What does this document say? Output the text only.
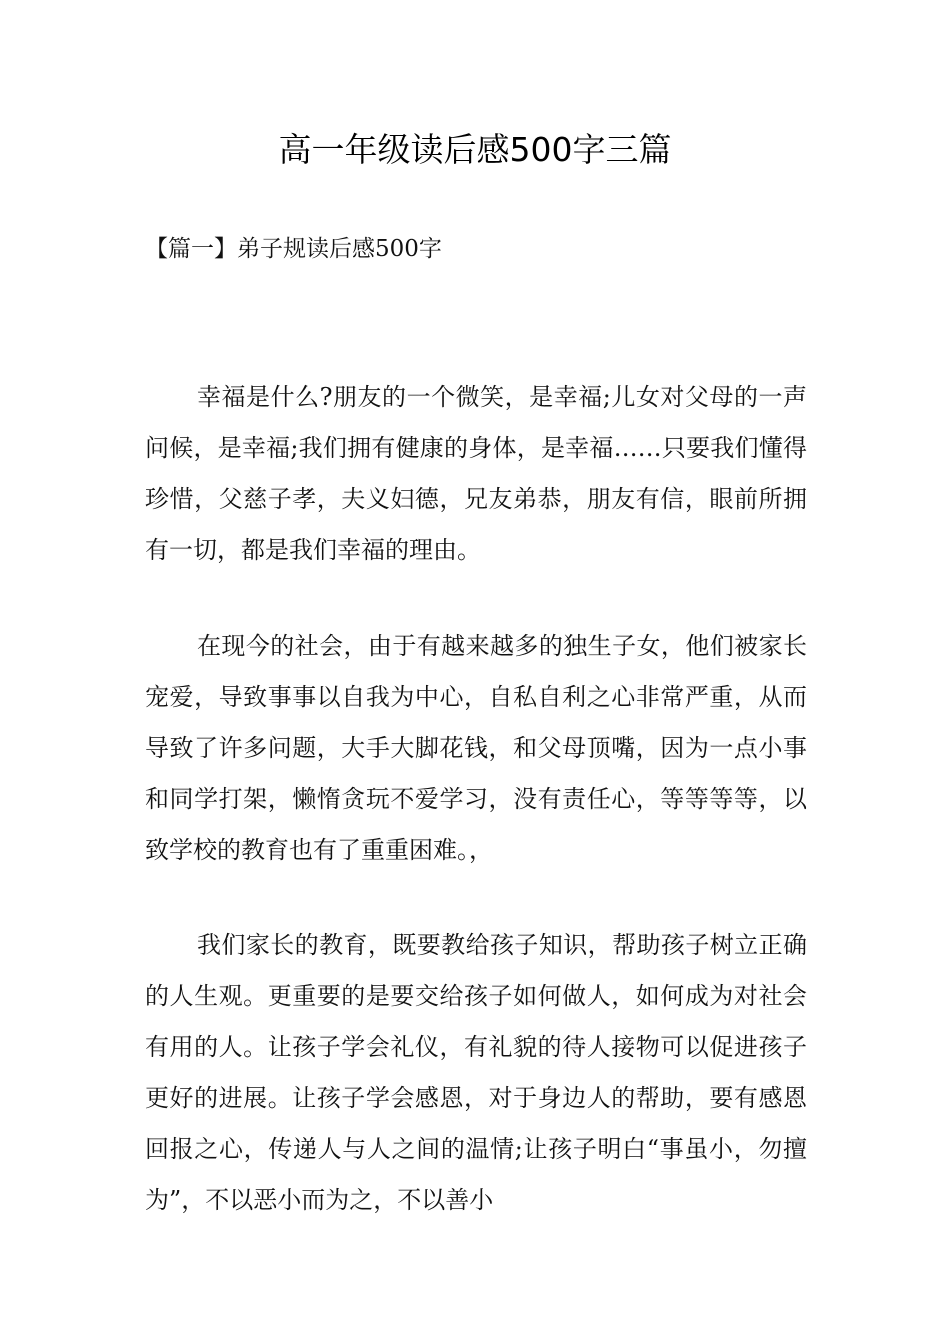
高一年级读后感500字三篇
【篇一】弟子规读后感500字

幸福是什么?朋友的一个微笑，是幸福;儿女对父母的一声问候，是幸福;我们拥有健康的身体，是幸福……只要我们懂得珍惜，父慈子孝，夫义妇德，兄友弟恭，朋友有信，眼前所拥有一切，都是我们幸福的理由。

在现今的社会，由于有越来越多的独生子女，他们被家长宠爱，导致事事以自我为中心，自私自利之心非常严重，从而导致了许多问题，大手大脚花钱，和父母顶嘴，因为一点小事和同学打架，懒惰贪玩不爱学习，没有责任心，等等等等，以致学校的教育也有了重重困难。，

我们家长的教育，既要教给孩子知识，帮助孩子树立正确的人生观。更重要的是要交给孩子如何做人，如何成为对社会有用的人。让孩子学会礼仪，有礼貌的待人接物可以促进孩子更好的进展。让孩子学会感恩，对于身边人的帮助，要有感恩回报之心，传递人与人之间的温情;让孩子明白“事虽小，勿擅为”，不以恶小而为之，不以善小
